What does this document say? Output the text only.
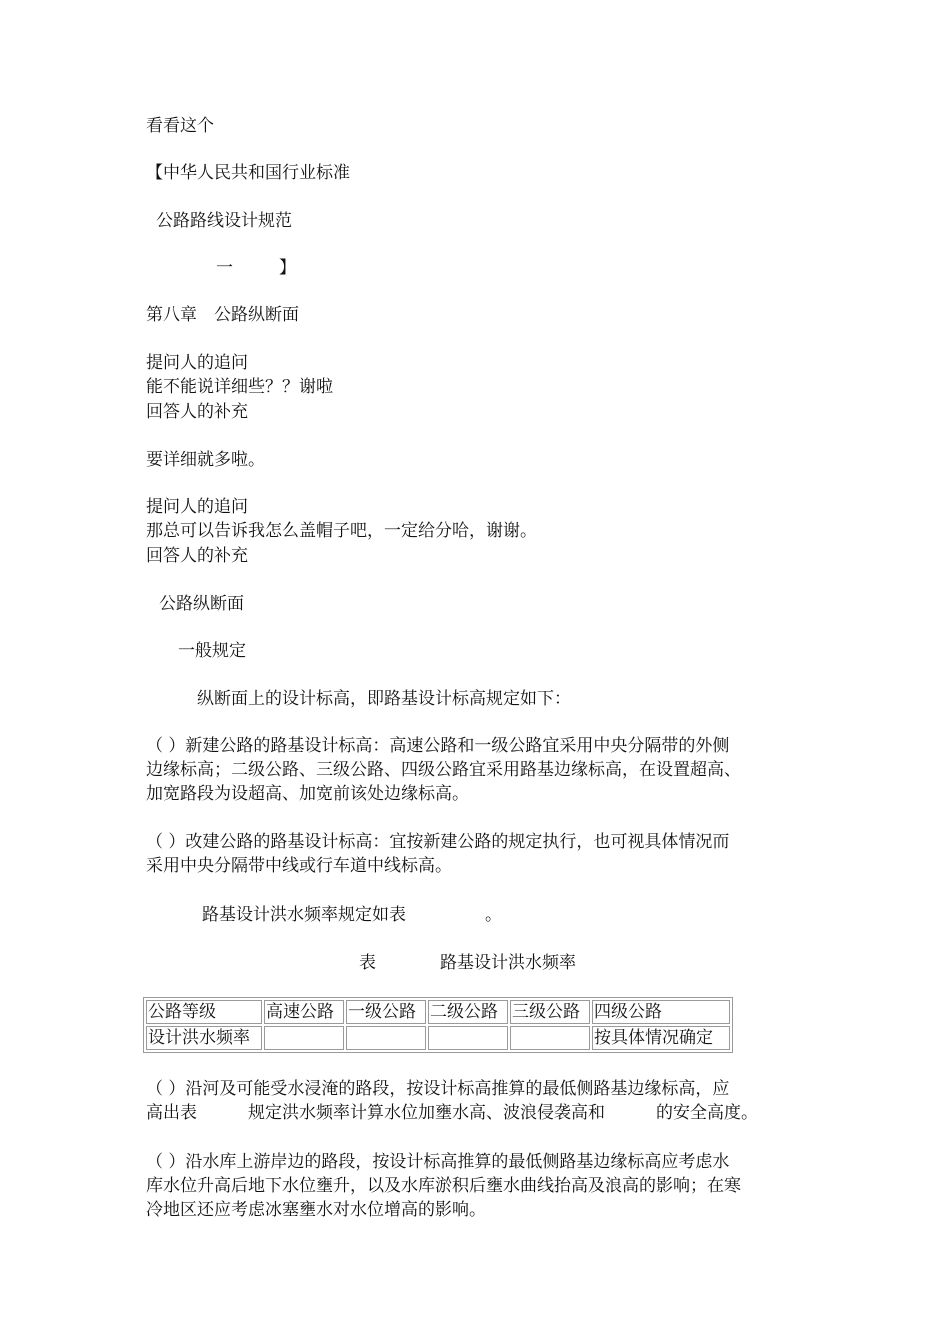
看看这个
【中华人民共和国行业标准
公路路线设计规范
一	】
第八章　公路纵断面
提问人的追问
能不能说详细些？？谢啦
回答人的补充
要详细就多啦。
提问人的追问
那总可以告诉我怎么盖帽子吧，一定给分哈，谢谢。
回答人的补充
公路纵断面
一般规定
纵断面上的设计标高，即路基设计标高规定如下：
（ ）新建公路的路基设计标高：高速公路和一级公路宜采用中央分隔带的外侧
边缘标高；二级公路、三级公路、四级公路宜采用路基边缘标高，在设置超高、
加宽路段为设超高、加宽前该处边缘标高。
（ ）改建公路的路基设计标高：宜按新建公路的规定执行，也可视具体情况而
采用中央分隔带中线或行车道中线标高。
路基设计洪水频率规定如表	。
表	路基设计洪水频率
公路等级	高速公路	一级公路	二级公路	三级公路	四级公路
设计洪水频率					按具体情况确定
（ ）沿河及可能受水浸淹的路段，按设计标高推算的最低侧路基边缘标高，应
高出表　　　规定洪水频率计算水位加壅水高、波浪侵袭高和　　　的安全高度。
（ ）沿水库上游岸边的路段，按设计标高推算的最低侧路基边缘标高应考虑水
库水位升高后地下水位壅升，以及水库淤积后壅水曲线抬高及浪高的影响；在寒
冷地区还应考虑冰塞壅水对水位增高的影响。
